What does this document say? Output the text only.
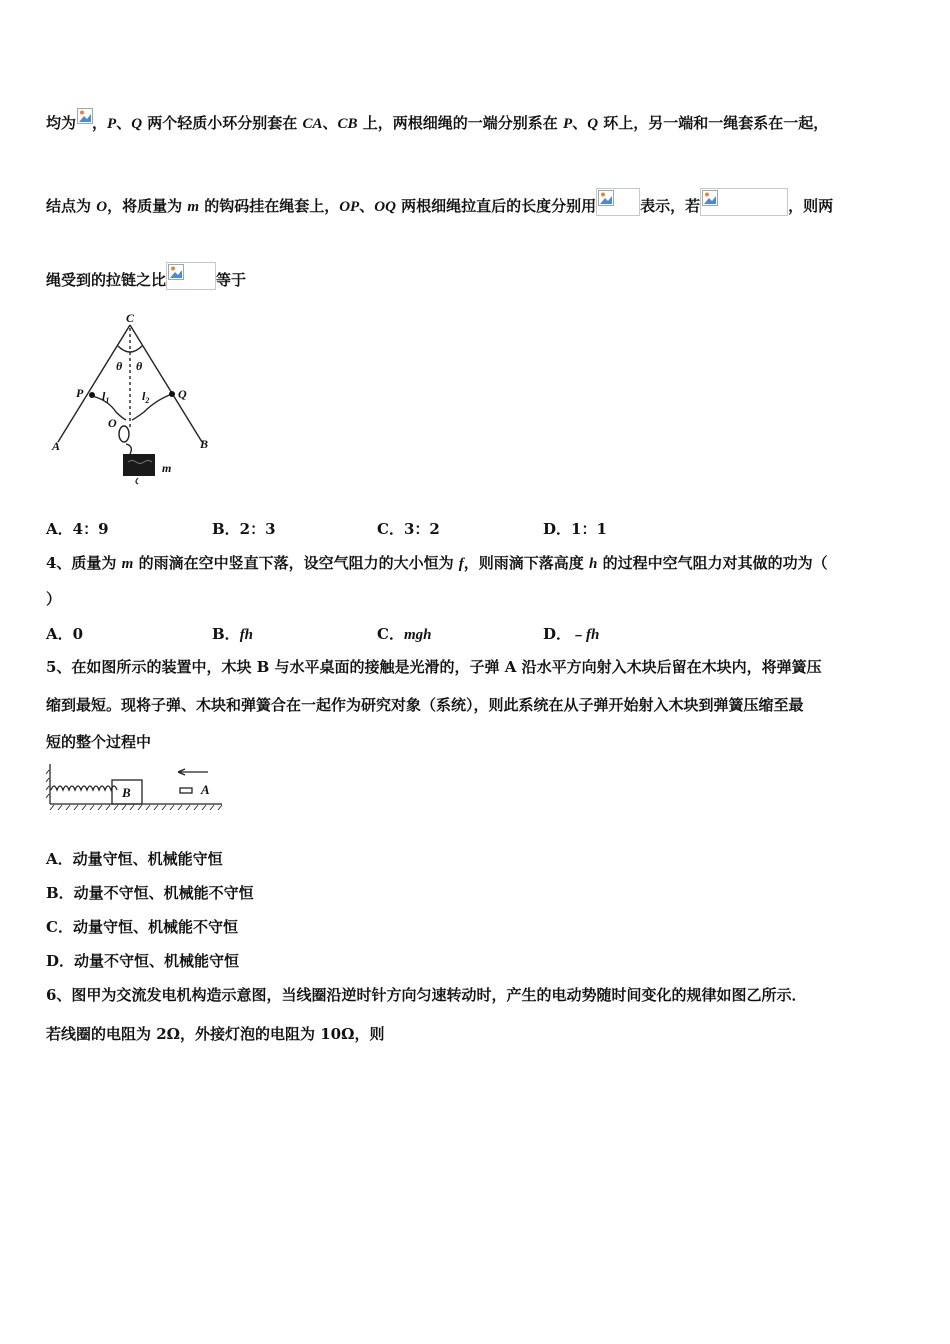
均为 ，P、Q 两个轻质小环分别套在 CA、CB 上，两根细绳的一端分别系在 P、Q 环上，另一端和一绳套系在一起，
结点为 O，将质量为 m 的钩码挂在绳套上，OP、OQ 两根细绳拉直后的长度分别用	表示，若	，则两
绳受到的拉链之比	等于
C
θ θ
P	Q
$l_1$	$l_2$
O
A	B
m
A．4：9	B．2：3	C．3：2	D．1：1
4、质量为 m 的雨滴在空中竖直下落，设空气阻力的大小恒为 f，则雨滴下落高度 h 的过程中空气阻力对其做的功为（
）
A．0	B．fh	C．mgh	D．﹣fh
5、在如图所示的装置中，木块 B 与水平桌面的接触是光滑的，子弹 A 沿水平方向射入木块后留在木块内，将弹簧压
缩到最短。现将子弹、木块和弹簧合在一起作为研究对象（系统），则此系统在从子弹开始射入木块到弹簧压缩至最
短的整个过程中
B	A
A．动量守恒、机械能守恒
B．动量不守恒、机械能不守恒
C．动量守恒、机械能不守恒
D．动量不守恒、机械能守恒
6、图甲为交流发电机构造示意图，当线圈沿逆时针方向匀速转动时，产生的电动势随时间变化的规律如图乙所示．
若线圈的电阻为 2Ω，外接灯泡的电阻为 10Ω，则
